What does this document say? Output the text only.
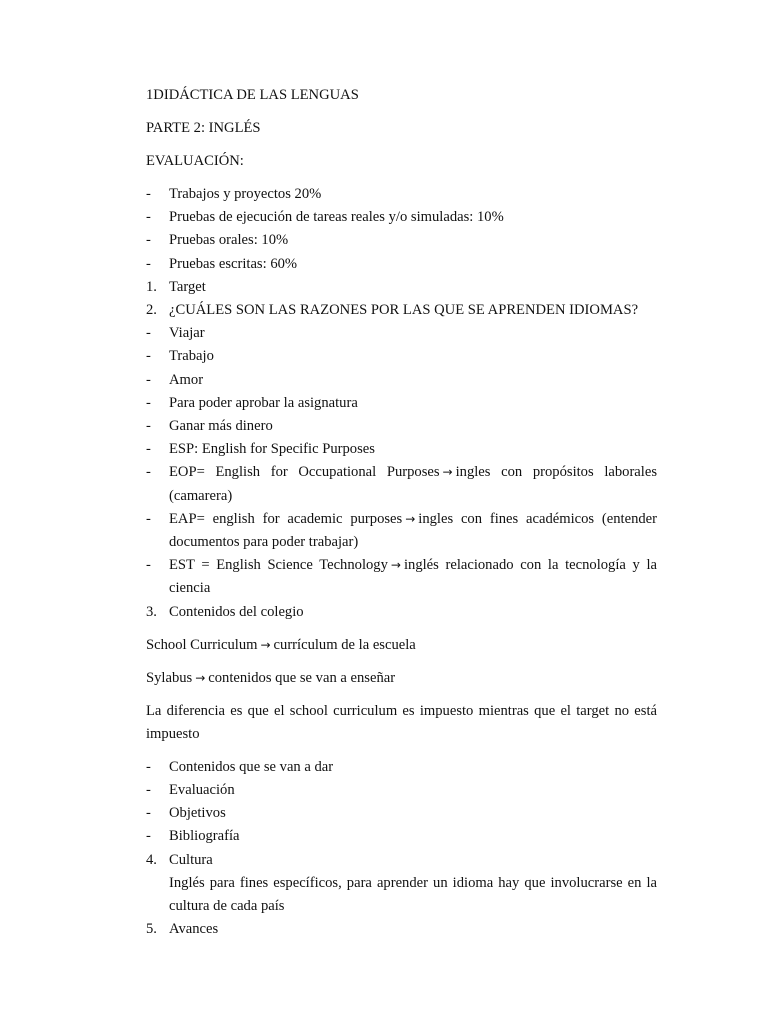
1DIDÁCTICA DE LAS LENGUAS

PARTE 2: INGLÉS

EVALUACIÓN:

-	Trabajos y proyectos 20%
-	Pruebas de ejecución de tareas reales y/o simuladas: 10%
-	Pruebas orales: 10%
-	Pruebas escritas: 60%
1. Target
2. ¿CUÁLES SON LAS RAZONES POR LAS QUE SE APRENDEN IDIOMAS?
-	Viajar
-	Trabajo
-	Amor
-	Para poder aprobar la asignatura
-	Ganar más dinero
-	ESP: English for Specific Purposes
-	EOP= English for Occupational Purposes → ingles con propósitos laborales (camarera)
-	EAP= english for academic purposes → ingles con fines académicos (entender documentos para poder trabajar)
-	EST = English Science Technology → inglés relacionado con la tecnología y la ciencia
3. Contenidos del colegio

School Curriculum → currículum de la escuela

Sylabus → contenidos que se van a enseñar

La diferencia es que el school curriculum es impuesto mientras que el target no está impuesto

-	Contenidos que se van a dar
-	Evaluación
-	Objetivos
-	Bibliografía
4. Cultura
Inglés para fines específicos, para aprender un idioma hay que involucrarse en la cultura de cada país
5. Avances
